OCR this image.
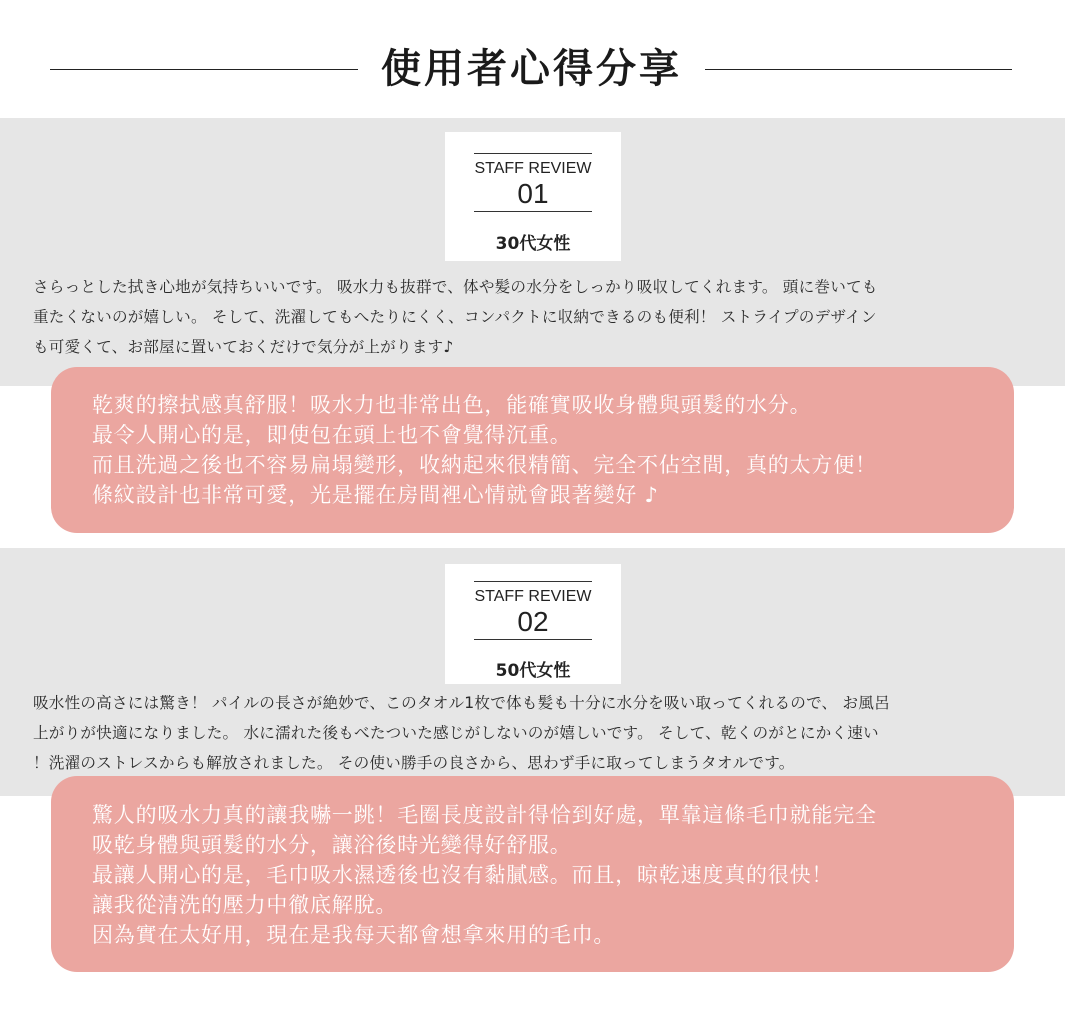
使用者心得分享
STAFF REVIEW
01
30代女性
さらっとした拭き心地が気持ちいいです。 吸水力も抜群で、体や髪の水分をしっかり吸収してくれます。 頭に巻いても
重たくないのが嬉しい。 そして、洗濯してもへたりにくく、コンパクトに収納できるのも便利！ ストライプのデザイン
も可愛くて、お部屋に置いておくだけで気分が上がります♪
乾爽的擦拭感真舒服！吸水力也非常出色，能確實吸收身體與頭髮的水分。
最令人開心的是，即使包在頭上也不會覺得沉重。
而且洗過之後也不容易扁塌變形，收納起來很精簡、完全不佔空間，真的太方便！
條紋設計也非常可愛，光是擺在房間裡心情就會跟著變好 ♪
STAFF REVIEW
02
50代女性
吸水性の高さには驚き！ パイルの長さが絶妙で、このタオル1枚で体も髪も十分に水分を吸い取ってくれるので、 お風呂
上がりが快適になりました。 水に濡れた後もべたついた感じがしないのが嬉しいです。 そして、乾くのがとにかく速い
！洗濯のストレスからも解放されました。 その使い勝手の良さから、思わず手に取ってしまうタオルです。
驚人的吸水力真的讓我嚇一跳！毛圈長度設計得恰到好處，單靠這條毛巾就能完全
吸乾身體與頭髮的水分，讓浴後時光變得好舒服。
最讓人開心的是，毛巾吸水濕透後也沒有黏膩感。而且，晾乾速度真的很快！
讓我從清洗的壓力中徹底解脫。
因為實在太好用，現在是我每天都會想拿來用的毛巾。
